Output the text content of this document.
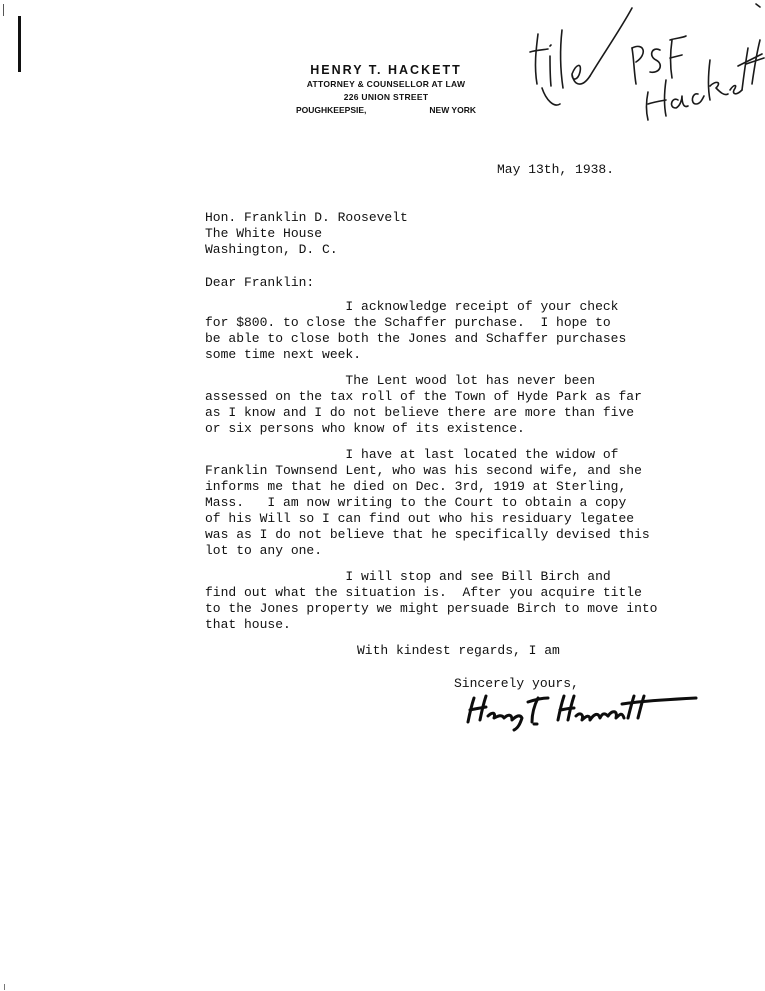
HENRY T. HACKETT
ATTORNEY & COUNSELLOR AT LAW
226 UNION STREET
POUGHKEEPSIE,	NEW YORK
May 13th, 1938.
Hon. Franklin D. Roosevelt
The White House
Washington, D. C.
Dear Franklin:
I acknowledge receipt of your check
for $800. to close the Schaffer purchase.  I hope to
be able to close both the Jones and Schaffer purchases
some time next week.
The Lent wood lot has never been
assessed on the tax roll of the Town of Hyde Park as far
as I know and I do not believe there are more than five
or six persons who know of its existence.
I have at last located the widow of
Franklin Townsend Lent, who was his second wife, and she
informs me that he died on Dec. 3rd, 1919 at Sterling,
Mass.   I am now writing to the Court to obtain a copy
of his Will so I can find out who his residuary legatee
was as I do not believe that he specifically devised this
lot to any one.
I will stop and see Bill Birch and
find out what the situation is.  After you acquire title
to the Jones property we might persuade Birch to move into
that house.
With kindest regards, I am
Sincerely yours,
